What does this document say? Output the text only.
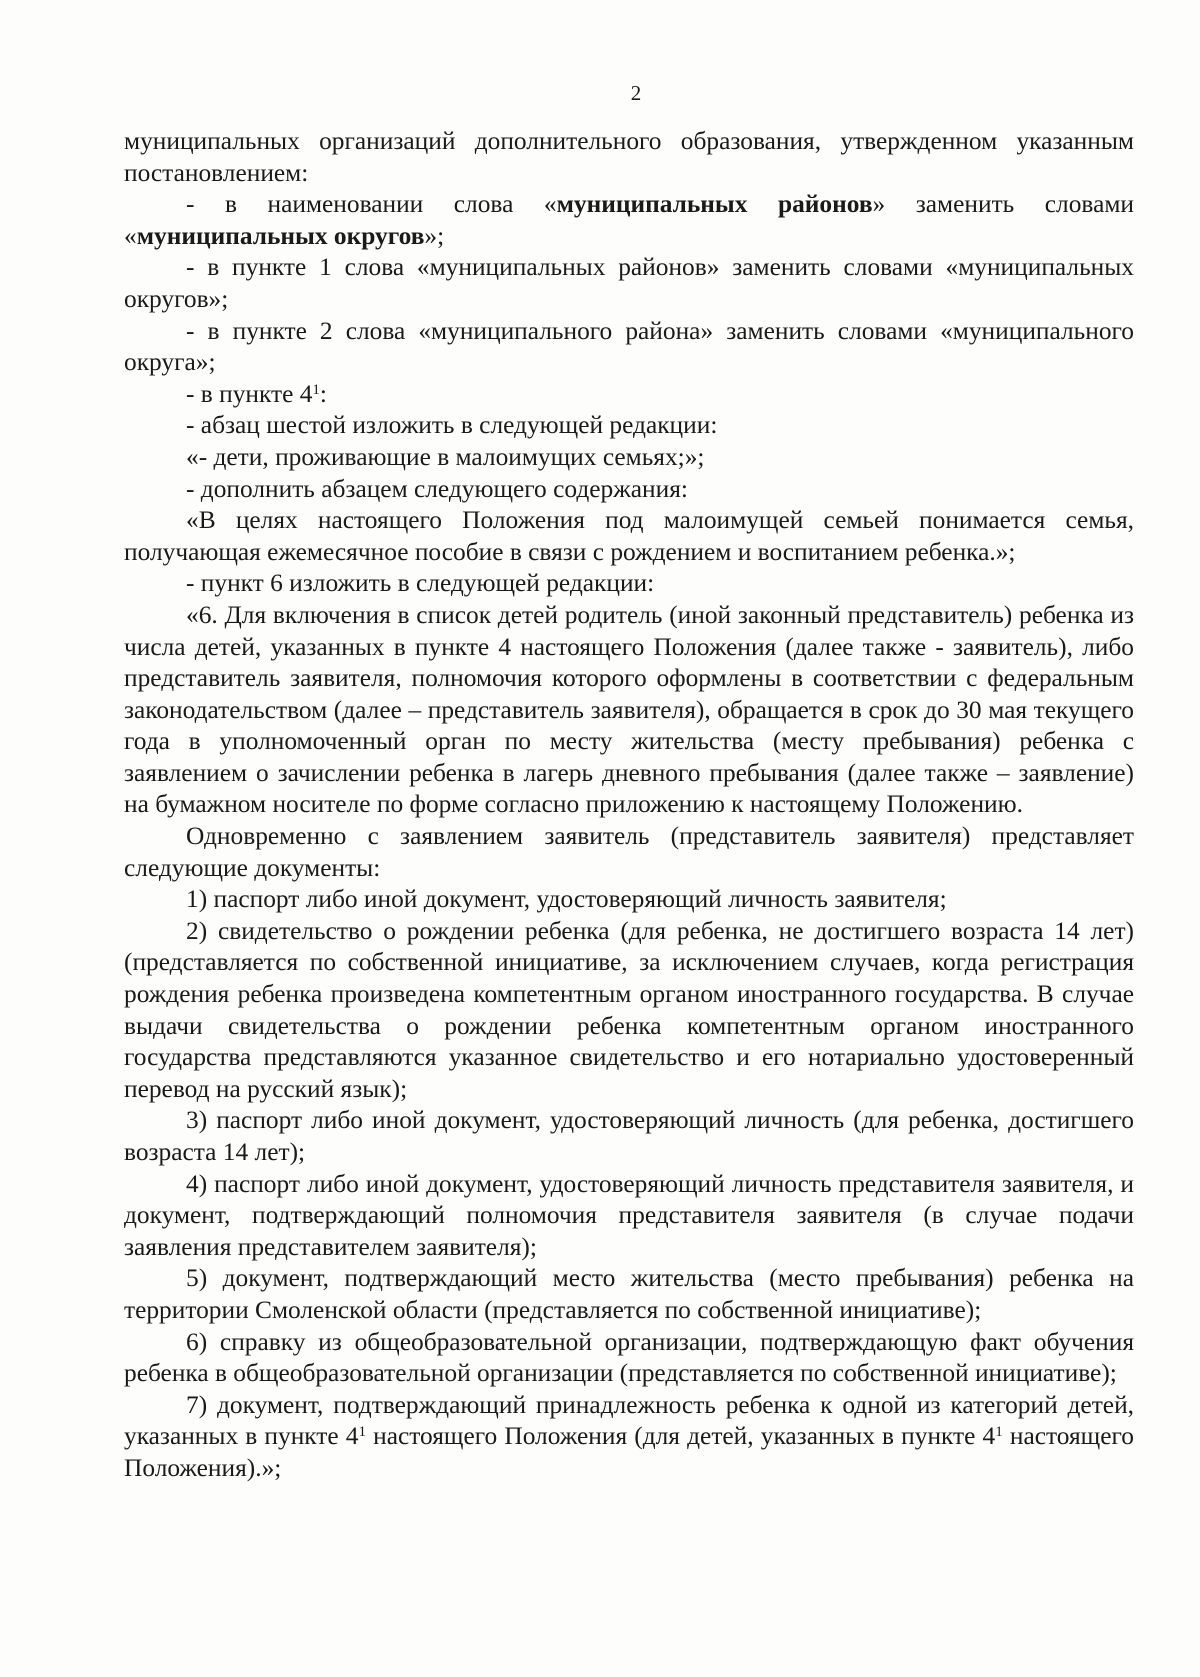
2

муниципальных организаций дополнительного образования, утвержденном указанным постановлением:

- в наименовании слова «муниципальных районов» заменить словами «муниципальных округов»;

- в пункте 1 слова «муниципальных районов» заменить словами «муниципальных округов»;

- в пункте 2 слова «муниципального района» заменить словами «муниципального округа»;

- в пункте $4^1$:

- абзац шестой изложить в следующей редакции:

«- дети, проживающие в малоимущих семьях;»;

- дополнить абзацем следующего содержания:

«В целях настоящего Положения под малоимущей семьей понимается семья, получающая ежемесячное пособие в связи с рождением и воспитанием ребенка.»;

- пункт 6 изложить в следующей редакции:

«6. Для включения в список детей родитель (иной законный представитель) ребенка из числа детей, указанных в пункте 4 настоящего Положения (далее также - заявитель), либо представитель заявителя, полномочия которого оформлены в соответствии с федеральным законодательством (далее – представитель заявителя), обращается в срок до 30 мая текущего года в уполномоченный орган по месту жительства (месту пребывания) ребенка с заявлением о зачислении ребенка в лагерь дневного пребывания (далее также – заявление) на бумажном носителе по форме согласно приложению к настоящему Положению.

Одновременно с заявлением заявитель (представитель заявителя) представляет следующие документы:

1) паспорт либо иной документ, удостоверяющий личность заявителя;

2) свидетельство о рождении ребенка (для ребенка, не достигшего возраста 14 лет) (представляется по собственной инициативе, за исключением случаев, когда регистрация рождения ребенка произведена компетентным органом иностранного государства. В случае выдачи свидетельства о рождении ребенка компетентным органом иностранного государства представляются указанное свидетельство и его нотариально удостоверенный перевод на русский язык);

3) паспорт либо иной документ, удостоверяющий личность (для ребенка, достигшего возраста 14 лет);

4) паспорт либо иной документ, удостоверяющий личность представителя заявителя, и документ, подтверждающий полномочия представителя заявителя (в случае подачи заявления представителем заявителя);

5) документ, подтверждающий место жительства (место пребывания) ребенка на территории Смоленской области (представляется по собственной инициативе);

6) справку из общеобразовательной организации, подтверждающую факт обучения ребенка в общеобразовательной организации (представляется по собственной инициативе);

7) документ, подтверждающий принадлежность ребенка к одной из категорий детей, указанных в пункте $4^1$ настоящего Положения (для детей, указанных в пункте $4^1$ настоящего Положения).»;
